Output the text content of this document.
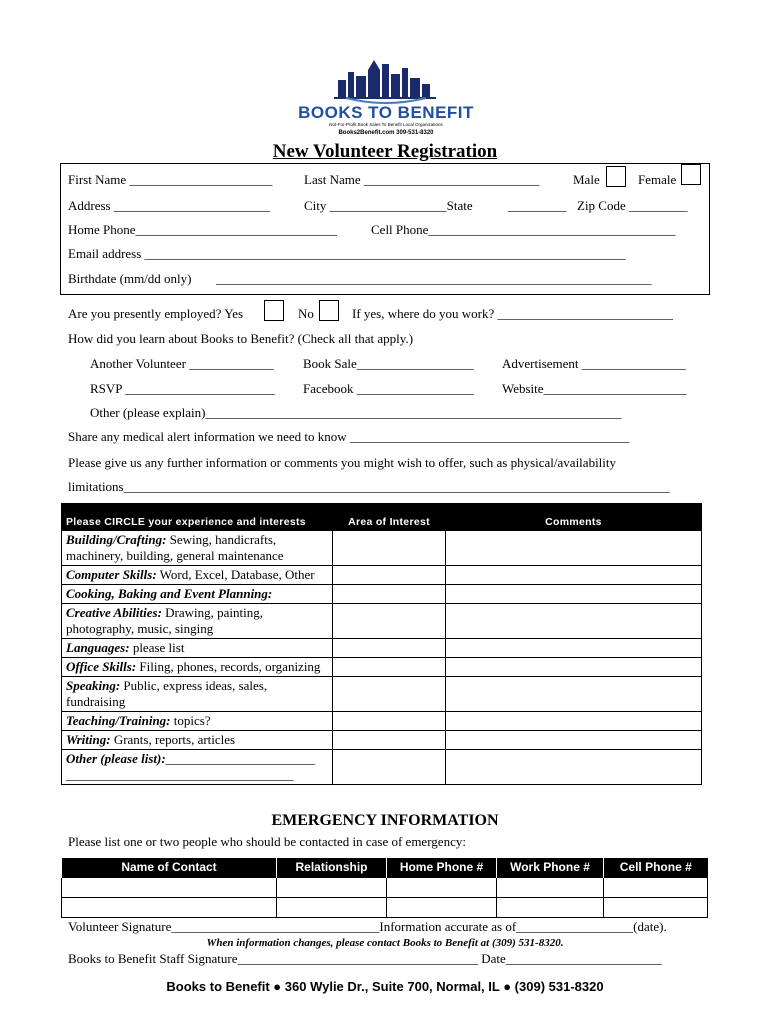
BOOKS TO BENEFIT
Not-For-Profit Book Sales To Benefit Local Organizations
Books2Benefit.com 309-531-8320
New Volunteer Registration
First Name ______________________ Last Name ___________________________	Male	Female
Address ________________________	City __________________State	_________ Zip Code _________
Home Phone_______________________________	Cell Phone______________________________________
Email address __________________________________________________________________________
Birthdate (mm/dd only) ___________________________________________________________________
Are you presently employed? Yes	No	If yes, where do you work? ___________________________
How did you learn about Books to Benefit? (Check all that apply.)
Another Volunteer _____________ Book Sale__________________ Advertisement ________________
RSVP _______________________ Facebook __________________ Website______________________
Other (please explain)________________________________________________________________
Share any medical alert information we need to know ___________________________________________
Please give us any further information or comments you might wish to offer, such as physical/availability
limitations____________________________________________________________________________________
Please CIRCLE your experience and interests	Area of Interest	Comments
Building/Crafting: Sewing, handicrafts, machinery, building, general maintenance		
Computer Skills: Word, Excel, Database, Other		
Cooking, Baking and Event Planning:		
Creative Abilities: Drawing, painting, photography, music, singing		
Languages: please list		
Office Skills: Filing, phones, records, organizing		
Speaking: Public, express ideas, sales, fundraising		
Teaching/Training: topics?		
Writing: Grants, reports, articles		
Other (please list):_______________________ ___________________________________		
EMERGENCY INFORMATION
Please list one or two people who should be contacted in case of emergency:
Name of Contact	Relationship	Home Phone #	Work Phone #	Cell Phone #

Volunteer Signature________________________________Information accurate as of__________________(date).
When information changes, please contact Books to Benefit at (309) 531-8320.
Books to Benefit Staff Signature_____________________________________ Date________________________
Books to Benefit ● 360 Wylie Dr., Suite 700, Normal, IL ● (309) 531-8320
